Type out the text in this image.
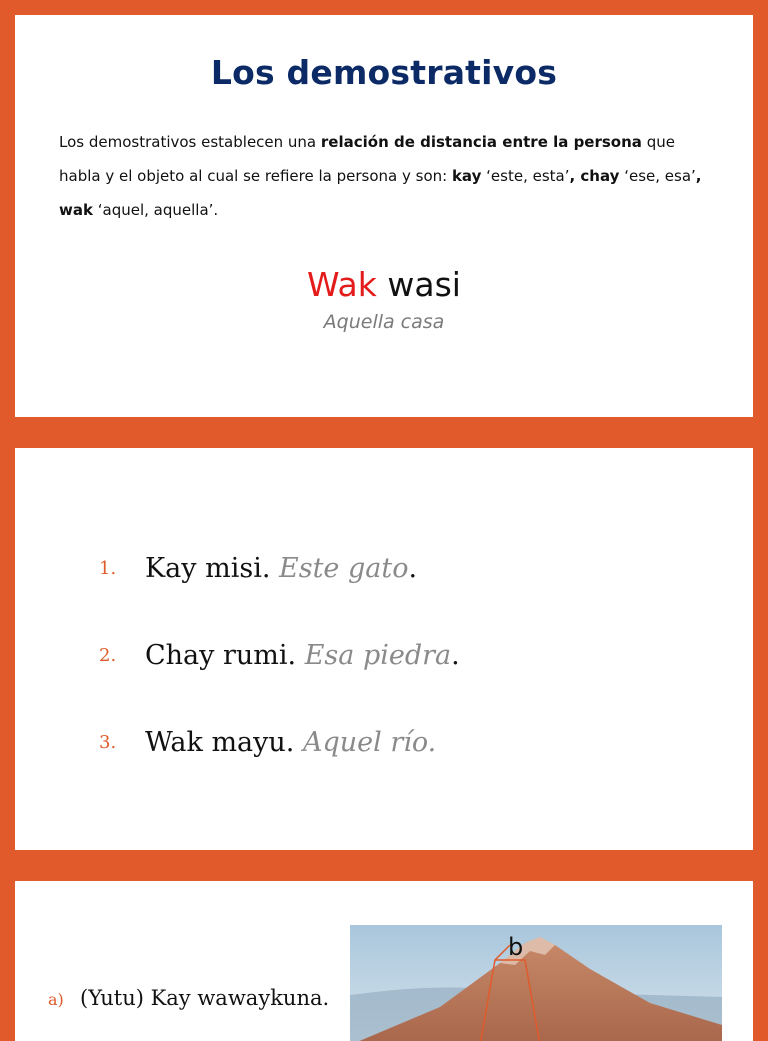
Los demostrativos
Los demostrativos establecen una relación de distancia entre la persona que habla y el objeto al cual se refiere la persona y son: kay ‘este, esta’, chay ‘ese, esa’, wak ‘aquel, aquella’.
Wak wasi
Aquella casa
1. Kay misi. Este gato.
2. Chay rumi. Esa piedra.
3. Wak mayu. Aquel río.
a) (Yutu) Kay wawaykuna.
b
